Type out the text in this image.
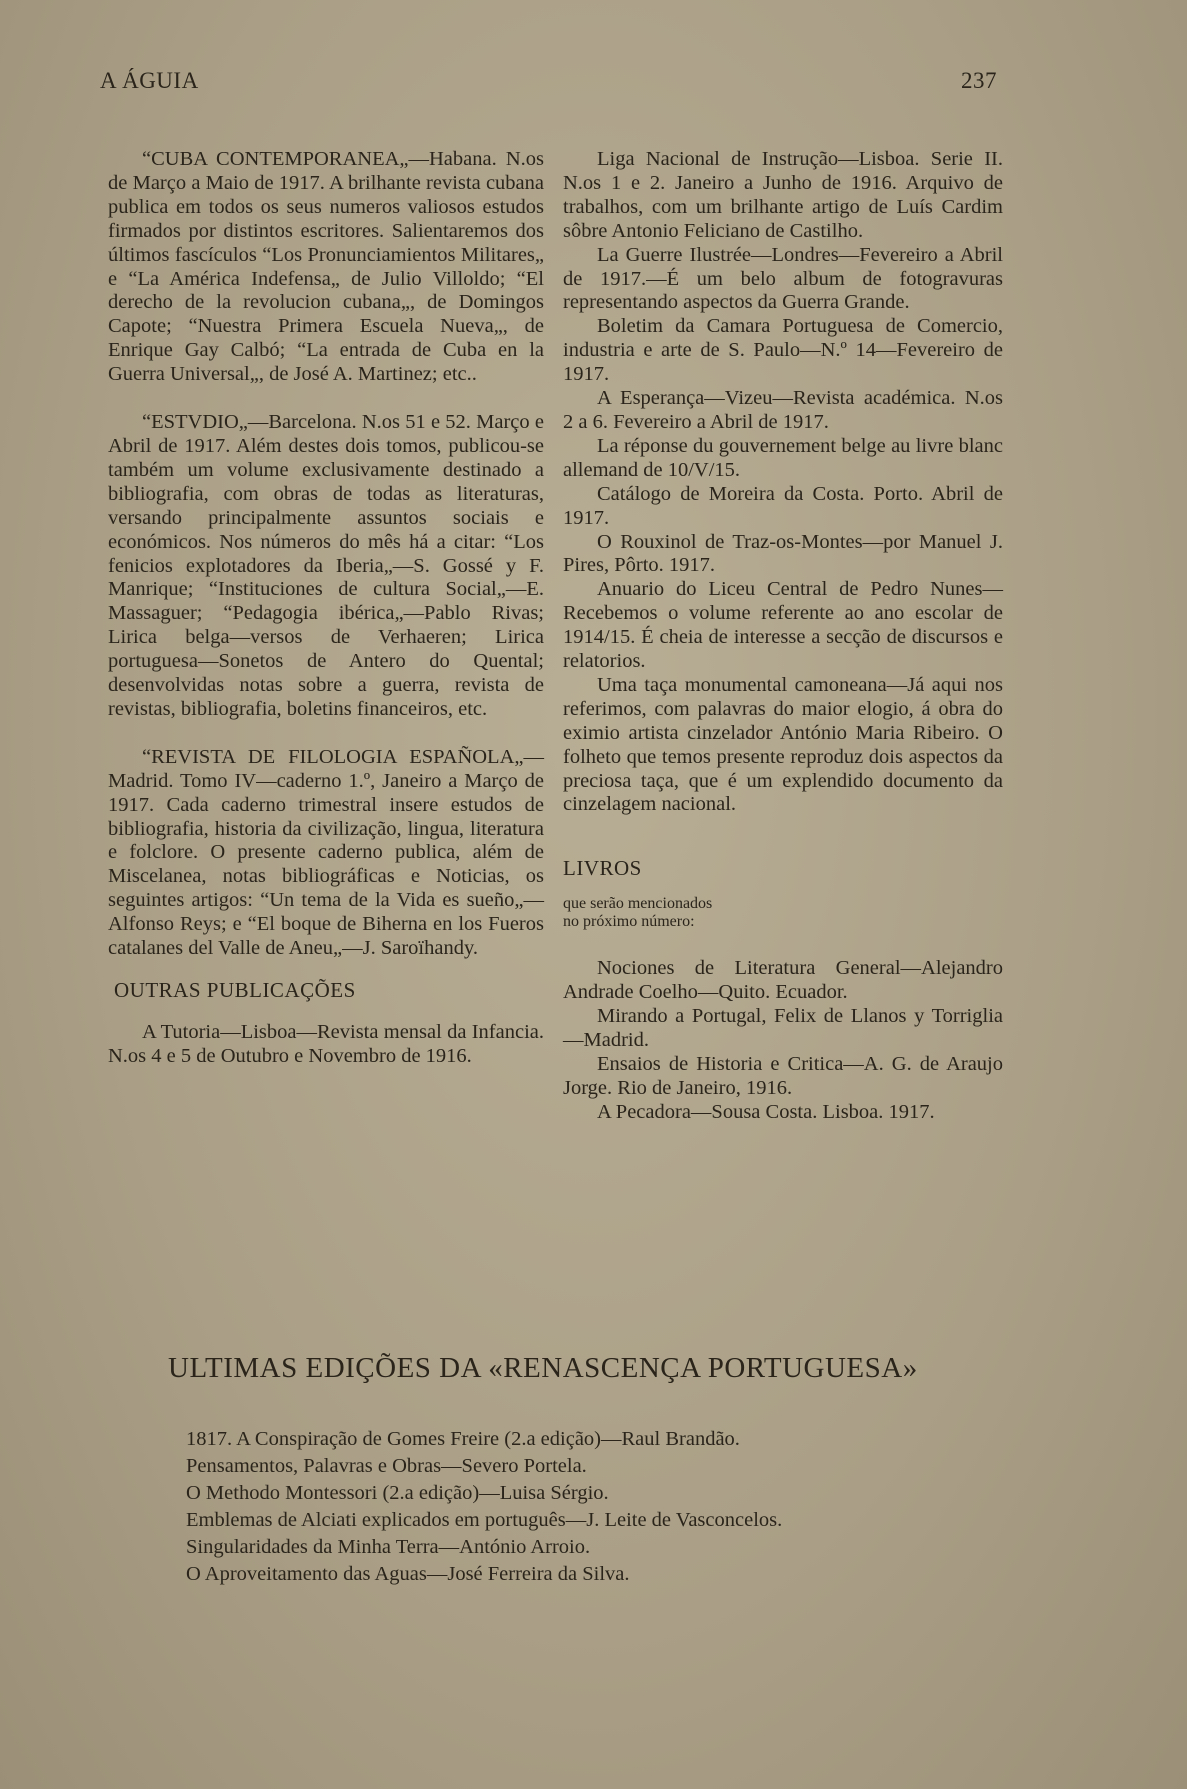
A ÁGUIA	237

“CUBA CONTEMPORANEA„—Habana. N.os de Março a Maio de 1917. A brilhante revista cubana publica em todos os seus numeros valiosos estudos firmados por distintos escritores. Salientaremos dos últimos fascículos “Los Pronunciamientos Militares„ e “La América Indefensa„ de Julio Villoldo; “El derecho de la revolucion cubana„, de Domingos Capote; “Nuestra Primera Escuela Nueva„, de Enrique Gay Calbó; “La entrada de Cuba en la Guerra Universal„, de José A. Martinez; etc..

“ESTVDIO„—Barcelona. N.os 51 e 52. Março e Abril de 1917. Além destes dois tomos, publicou-se também um volume exclusivamente destinado a bibliografia, com obras de todas as literaturas, versando principalmente assuntos sociais e económicos. Nos números do mês há a citar: “Los fenicios explotadores da Iberia„—S. Gossé y F. Manrique; “Instituciones de cultura Social„—E. Massaguer; “Pedagogia ibérica„—Pablo Rivas; Lirica belga—versos de Verhaeren; Lirica portuguesa—Sonetos de Antero do Quental; desenvolvidas notas sobre a guerra, revista de revistas, bibliografia, boletins financeiros, etc.

“REVISTA DE FILOLOGIA ESPAÑOLA„—Madrid. Tomo IV—caderno 1.º, Janeiro a Março de 1917. Cada caderno trimestral insere estudos de bibliografia, historia da civilização, lingua, literatura e folclore. O presente caderno publica, além de Miscelanea, notas bibliográficas e Noticias, os seguintes artigos: “Un tema de la Vida es sueño„—Alfonso Reys; e “El boque de Biherna en los Fueros catalanes del Valle de Aneu„—J. Saroïhandy.

OUTRAS PUBLICAÇÕES

A Tutoria—Lisboa—Revista mensal da Infancia. N.os 4 e 5 de Outubro e Novembro de 1916.

Liga Nacional de Instrução—Lisboa. Serie II. N.os 1 e 2. Janeiro a Junho de 1916. Arquivo de trabalhos, com um brilhante artigo de Luís Cardim sôbre Antonio Feliciano de Castilho.

La Guerre Ilustrée—Londres—Fevereiro a Abril de 1917.—É um belo album de fotogravuras representando aspectos da Guerra Grande.

Boletim da Camara Portuguesa de Comercio, industria e arte de S. Paulo—N.º 14—Fevereiro de 1917.

A Esperança—Vizeu—Revista académica. N.os 2 a 6. Fevereiro a Abril de 1917.

La réponse du gouvernement belge au livre blanc allemand de 10/V/15.

Catálogo de Moreira da Costa. Porto. Abril de 1917.

O Rouxinol de Traz-os-Montes—por Manuel J. Pires, Pôrto. 1917.

Anuario do Liceu Central de Pedro Nunes—Recebemos o volume referente ao ano escolar de 1914/15. É cheia de interesse a secção de discursos e relatorios.

Uma taça monumental camoneana—Já aqui nos referimos, com palavras do maior elogio, á obra do eximio artista cinzelador António Maria Ribeiro. O folheto que temos presente reproduz dois aspectos da preciosa taça, que é um explendido documento da cinzelagem nacional.

LIVROS
que serão mencionados
no próximo número:

Nociones de Literatura General—Alejandro Andrade Coelho—Quito. Ecuador.

Mirando a Portugal, Felix de Llanos y Torriglia—Madrid.

Ensaios de Historia e Critica—A. G. de Araujo Jorge. Rio de Janeiro, 1916.

A Pecadora—Sousa Costa. Lisboa. 1917.

ULTIMAS EDIÇÕES DA «RENASCENÇA PORTUGUESA»
1817. A Conspiração de Gomes Freire (2.a edição)—Raul Brandão.
Pensamentos, Palavras e Obras—Severo Portela.
O Methodo Montessori (2.a edição)—Luisa Sérgio.
Emblemas de Alciati explicados em português—J. Leite de Vasconcelos.
Singularidades da Minha Terra—António Arroio.
O Aproveitamento das Aguas—José Ferreira da Silva.
